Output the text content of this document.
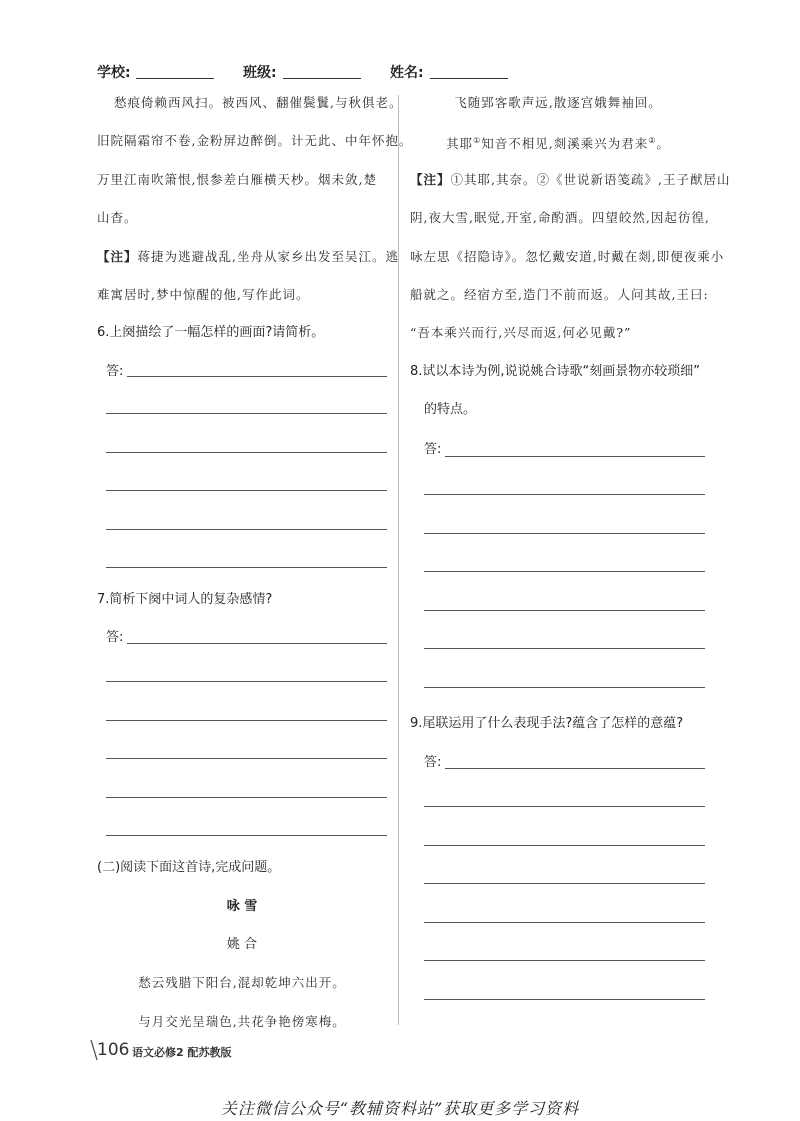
学校:	班级:	姓名:
愁痕倚赖西风扫。被西风、翻催鬓鬒,与秋俱老。
旧院隔霜帘不卷,金粉屏边醉倒。计无此、中年怀抱。
万里江南吹箫恨,恨参差白雁横天杪。烟未敛,楚
山杳。
【注】蒋捷为逃避战乱,坐舟从家乡出发至吴江。逃
难寓居时,梦中惊醒的他,写作此词。
6.上阕描绘了一幅怎样的画面?请简析。
答:
7.简析下阕中词人的复杂感情?
答:
(二)阅读下面这首诗,完成问题。
咏 雪
姚 合
愁云残腊下阳台,混却乾坤六出开。
与月交光呈瑞色,共花争艳傍寒梅。
飞随郢客歌声远,散逐宫娥舞袖回。
其耶①知音不相见,剡溪乘兴为君来②。
【注】①其耶,其奈。②《世说新语笺疏》,王子猷居山
阴,夜大雪,眠觉,开室,命酌酒。四望皎然,因起彷徨,
咏左思《招隐诗》。忽忆戴安道,时戴在剡,即便夜乘小
船就之。经宿方至,造门不前而返。人问其故,王曰:
“吾本乘兴而行,兴尽而返,何必见戴?”
8.试以本诗为例,说说姚合诗歌“刻画景物亦较琐细”
的特点。
答:
9.尾联运用了什么表现手法?蕴含了怎样的意蕴?
答:
106 语文必修2 配苏教版
关注微信公众号“教辅资料站”获取更多学习资料
